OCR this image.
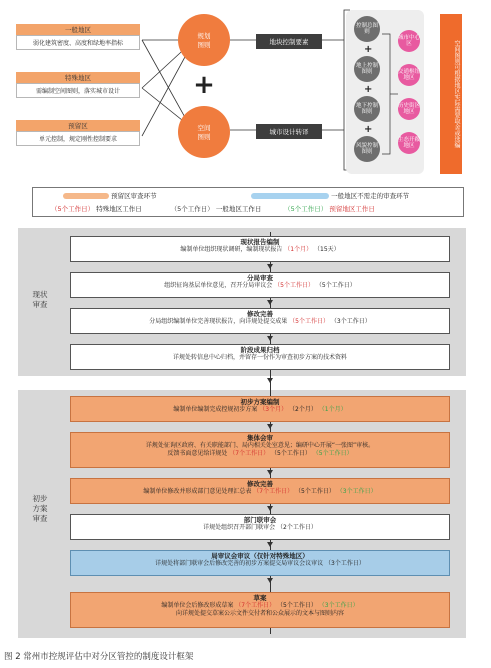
一般地区
弱化建筑密度、高度和绿地率指标
特殊地区
需编制空间图则，落实城市设计
预留区
单元控制，规定刚性控制要求
规划
图则
+
空间
图则
地块控制要素
城市设计转译
控制总图则
+
地上控制图则
+
地下控制图则
+
风貌控制图则
城市中心区
交通枢纽地区
历史街区地区
生态开敞地区	空间图则可根据地区实际需要取舍或选编
预留区审查环节	一般地区不需走的审查环节
（5个工作日） 特殊地区工作日	（5个工作日） 一般地区工作日	（5个工作日） 预留地区工作日
现状
审查
初步
方案
审查
现状报告编制
编制单位组织现状调研，编制现状报告 （1个月） （15天）
分局审查
组织征询基层单位意见，召开分局审议会 （5个工作日） （5个工作日）
修改完善
分局组织编制单位完善现状报告，向详规处提交成果 （5个工作日） （3个工作日）
阶段成果归档
详规处转信息中心归档，并留存一份作为审查初步方案的技术资料
初步方案编制
编制单位编制完成控规初步方案 （3个月） （2个月） （1个月）
集体会审
详规处征询区政府、有关职能部门、局内相关处室意见；编研中心开展“一张图”审核。
反馈书面意见给详规处 （7个工作日） （5个工作日） （5个工作日）
修改完善
编制单位修改并形成部门意见处理汇总表 （7个工作日） （5个工作日） （3个工作日）
部门联审会
详规处组织召开部门联审会 （2个工作日）
局审议会审议（仅针对特殊地区）
详规处将部门联审会后修改完善的初步方案提交局审议会议审议 （3个工作日）
草案
编制单位会后修改形成草案 （7个工作日） （5个工作日） （3个工作日）
向详规处提交草案公示文件交付者和公众展示的文本与图则内容
图 2 常州市控规评估中对分区管控的制度设计框架
